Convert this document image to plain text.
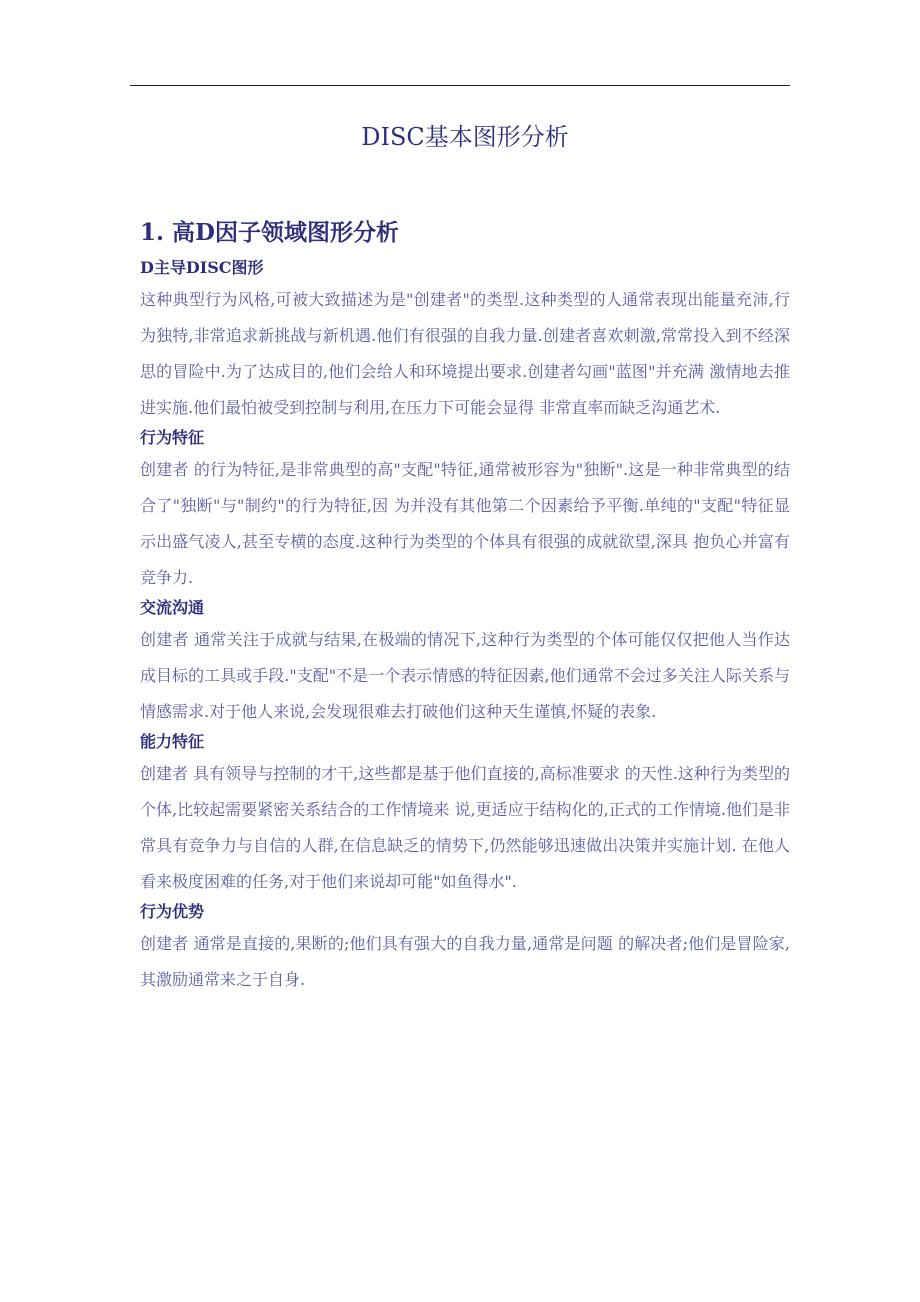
DISC基本图形分析
1. 高D因子领域图形分析
D主导DISC图形

这种典型行为风格,可被大致描述为是"创建者"的类型.这种类型的人通常表现出能量充沛,行为独特,非常追求新挑战与新机遇.他们有很强的自我力量.创建者喜欢刺激,常常投入到不经深思的冒险中.为了达成目的,他们会给人和环境提出要求.创建者勾画"蓝图"并充满 激情地去推进实施.他们最怕被受到控制与利用,在压力下可能会显得 非常直率而缺乏沟通艺术.

行为特征

创建者 的行为特征,是非常典型的高"支配"特征,通常被形容为"独断".这是一种非常典型的结合了"独断"与"制约"的行为特征,因 为并没有其他第二个因素给予平衡.单纯的"支配"特征显示出盛气凌人,甚至专横的态度.这种行为类型的个体具有很强的成就欲望,深具 抱负心并富有竞争力.

交流沟通

创建者 通常关注于成就与结果,在极端的情况下,这种行为类型的个体可能仅仅把他人当作达成目标的工具或手段."支配"不是一个表示情感的特征因素,他们通常不会过多关注人际关系与情感需求.对于他人来说,会发现很难去打破他们这种天生谨慎,怀疑的表象.

能力特征

创建者 具有领导与控制的才干,这些都是基于他们直接的,高标准要求 的天性.这种行为类型的个体,比较起需要紧密关系结合的工作情境来 说,更适应于结构化的,正式的工作情境.他们是非常具有竞争力与自信的人群,在信息缺乏的情势下,仍然能够迅速做出决策并实施计划. 在他人看来极度困难的任务,对于他们来说却可能"如鱼得水".

行为优势

创建者 通常是直接的,果断的;他们具有强大的自我力量,通常是问题 的解决者;他们是冒险家,其激励通常来之于自身.
